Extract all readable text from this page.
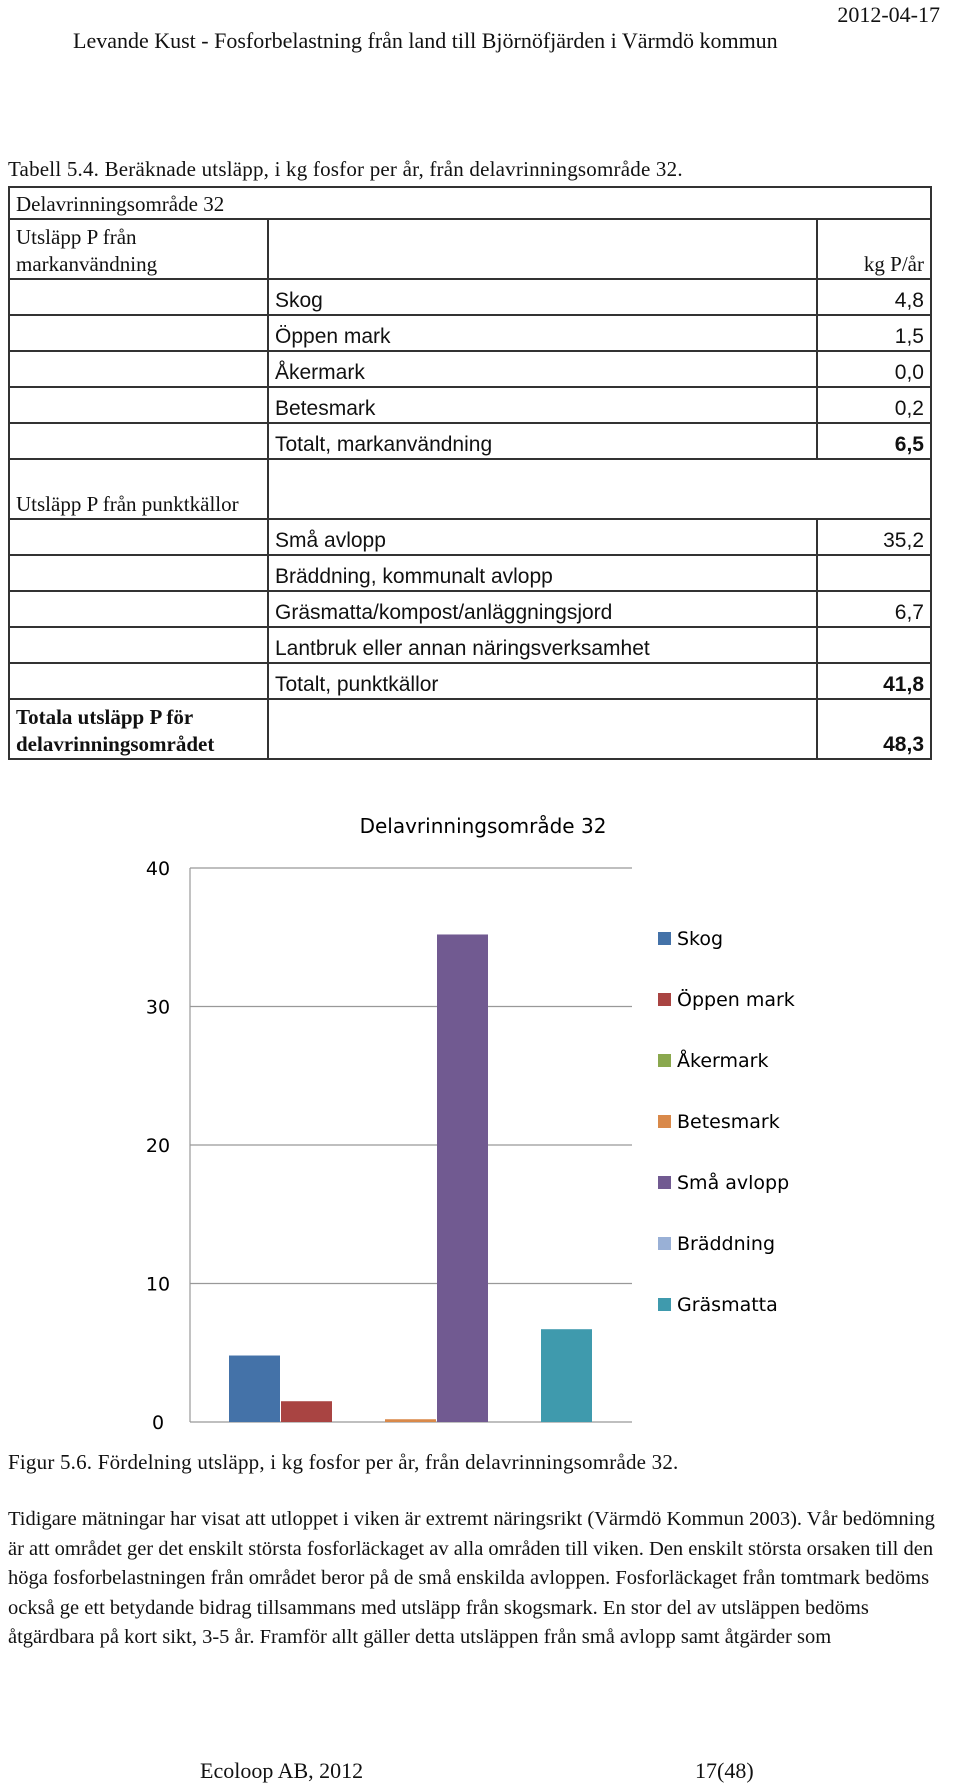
2012-04-17
Levande Kust - Fosforbelastning från land till Björnöfjärden i Värmdö kommun
Tabell 5.4. Beräknade utsläpp, i kg fosfor per år, från delavrinningsområde 32.
Delavrinningsområde 32		
Utsläpp P från markanvändning		kg P/år
	Skog	4,8
	Öppen mark	1,5
	Åkermark	0,0
	Betesmark	0,2
	Totalt, markanvändning	6,5
Utsläpp P från punktkällor		
	Små avlopp	35,2
	Bräddning, kommunalt avlopp	
	Gräsmatta/kompost/anläggningsjord	6,7
	Lantbruk eller annan näringsverksamhet	
	Totalt, punktkällor	41,8
Totala utsläpp P för delavrinningsområdet		48,3
0
10
20
30
40
Skog
Öppen mark
Åkermark
Betesmark
Små avlopp
Bräddning
Gräsmatta
Delavrinningsområde 32
Figur 5.6. Fördelning utsläpp, i kg fosfor per år, från delavrinningsområde 32.

Tidigare mätningar har visat att utloppet i viken är extremt näringsrikt (Värmdö Kommun 2003). Vår bedömning är att området ger det enskilt största fosforläckaget av alla områden till viken. Den enskilt största orsaken till den höga fosforbelastningen från området beror på de små enskilda avloppen. Fosforläckaget från tomtmark bedöms också ge ett betydande bidrag tillsammans med utsläpp från skogsmark. En stor del av utsläppen bedöms åtgärdbara på kort sikt, 3-5 år. Framför allt gäller detta utsläppen från små avlopp samt åtgärder som

Ecoloop AB, 2012	17(48)
